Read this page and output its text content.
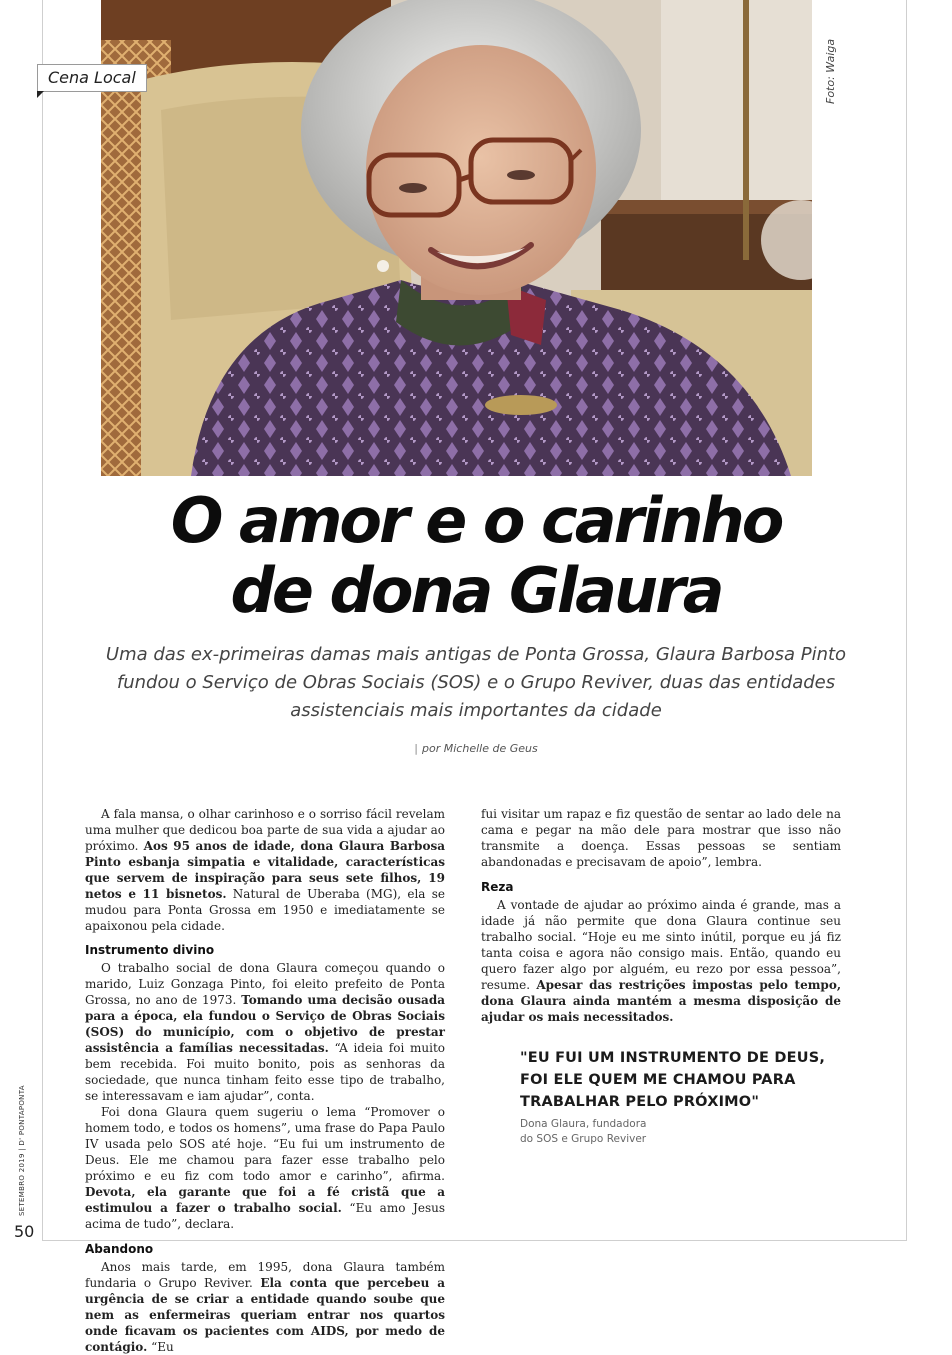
Cena Local	Foto: Waiga
O amor e o carinho
de dona Glaura

Uma das ex-primeiras damas mais antigas de Ponta Grossa, Glaura Barbosa Pinto
fundou o Serviço de Obras Sociais (SOS) e o Grupo Reviver, duas das entidades
assistenciais mais importantes da cidade

| por Michelle de Geus

A fala mansa, o olhar carinhoso e o sorriso fácil revelam uma mulher que dedicou boa parte de sua vida a ajudar ao próximo. Aos 95 anos de idade, dona Glaura Barbosa Pinto esbanja simpatia e vitalidade, características que servem de inspiração para seus sete filhos, 19 netos e 11 bisnetos. Natural de Uberaba (MG), ela se mudou para Ponta Grossa em 1950 e imediatamente se apaixonou pela cidade.

Instrumento divino

O trabalho social de dona Glaura começou quando o marido, Luiz Gonzaga Pinto, foi eleito prefeito de Ponta Grossa, no ano de 1973. Tomando uma decisão ousada para a época, ela fundou o Serviço de Obras Sociais (SOS) do município, com o objetivo de prestar assistência a famílias necessitadas. “A ideia foi muito bem recebida. Foi muito bonito, pois as senhoras da sociedade, que nunca tinham feito esse tipo de trabalho, se interessavam e iam ajudar”, conta.

Foi dona Glaura quem sugeriu o lema “Promover o homem todo, e todos os homens”, uma frase do Papa Paulo IV usada pelo SOS até hoje. “Eu fui um instrumento de Deus. Ele me chamou para fazer esse trabalho pelo próximo e eu fiz com todo amor e carinho”, afirma. Devota, ela garante que foi a fé cristã que a estimulou a fazer o trabalho social. “Eu amo Jesus acima de tudo”, declara.

Abandono

Anos mais tarde, em 1995, dona Glaura também fundaria o Grupo Reviver. Ela conta que percebeu a urgência de se criar a entidade quando soube que nem as enfermeiras queriam entrar nos quartos onde ficavam os pacientes com AIDS, por medo de contágio. “Eu

fui visitar um rapaz e fiz questão de sentar ao lado dele na cama e pegar na mão dele para mostrar que isso não transmite a doença. Essas pessoas se sentiam abandonadas e precisavam de apoio”, lembra.

Reza

A vontade de ajudar ao próximo ainda é grande, mas a idade já não permite que dona Glaura continue seu trabalho social. “Hoje eu me sinto inútil, porque eu já fiz tanta coisa e agora não consigo mais. Então, quando eu quero fazer algo por alguém, eu rezo por essa pessoa”, resume. Apesar das restrições impostas pelo tempo, dona Glaura ainda mantém a mesma disposição de ajudar os mais necessitados.

"EU FUI UM INSTRUMENTO DE DEUS,
FOI ELE QUEM ME CHAMOU PARA
TRABALHAR PELO PRÓXIMO"

Dona Glaura, fundadora
do SOS e Grupo Reviver
SETEMBRO 2019 | D' PONTAPONTA
50
